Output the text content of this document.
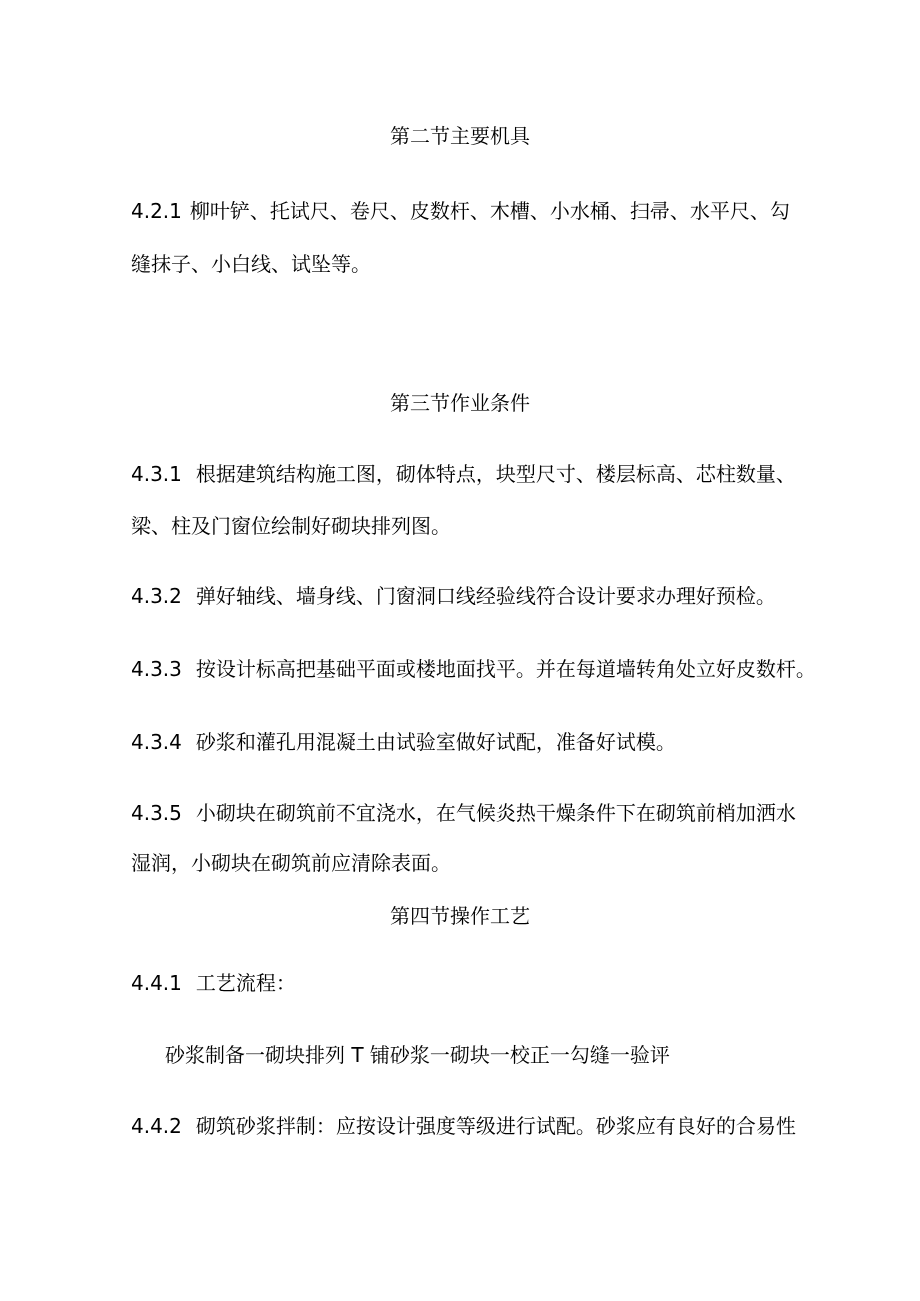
第二节主要机具
4.2.1 柳叶铲、托试尺、卷尺、皮数杆、木槽、小水桶、扫帚、水平尺、勾
缝抹子、小白线、试坠等。
第三节作业条件
4.3.1 根据建筑结构施工图，砌体特点，块型尺寸、楼层标高、芯柱数量、
梁、柱及门窗位绘制好砌块排列图。
4.3.2 弹好轴线、墙身线、门窗洞口线经验线符合设计要求办理好预检。
4.3.3 按设计标高把基础平面或楼地面找平。并在每道墙转角处立好皮数杆。
4.3.4 砂浆和灌孔用混凝土由试验室做好试配，准备好试模。
4.3.5 小砌块在砌筑前不宜浇水，在气候炎热干燥条件下在砌筑前梢加洒水
湿润，小砌块在砌筑前应清除表面。
第四节操作工艺
4.4.1 工艺流程：
砂浆制备一砌块排列 T 铺砂浆一砌块一校正一勾缝一验评
4.4.2 砌筑砂浆拌制：应按设计强度等级进行试配。砂浆应有良好的合易性
